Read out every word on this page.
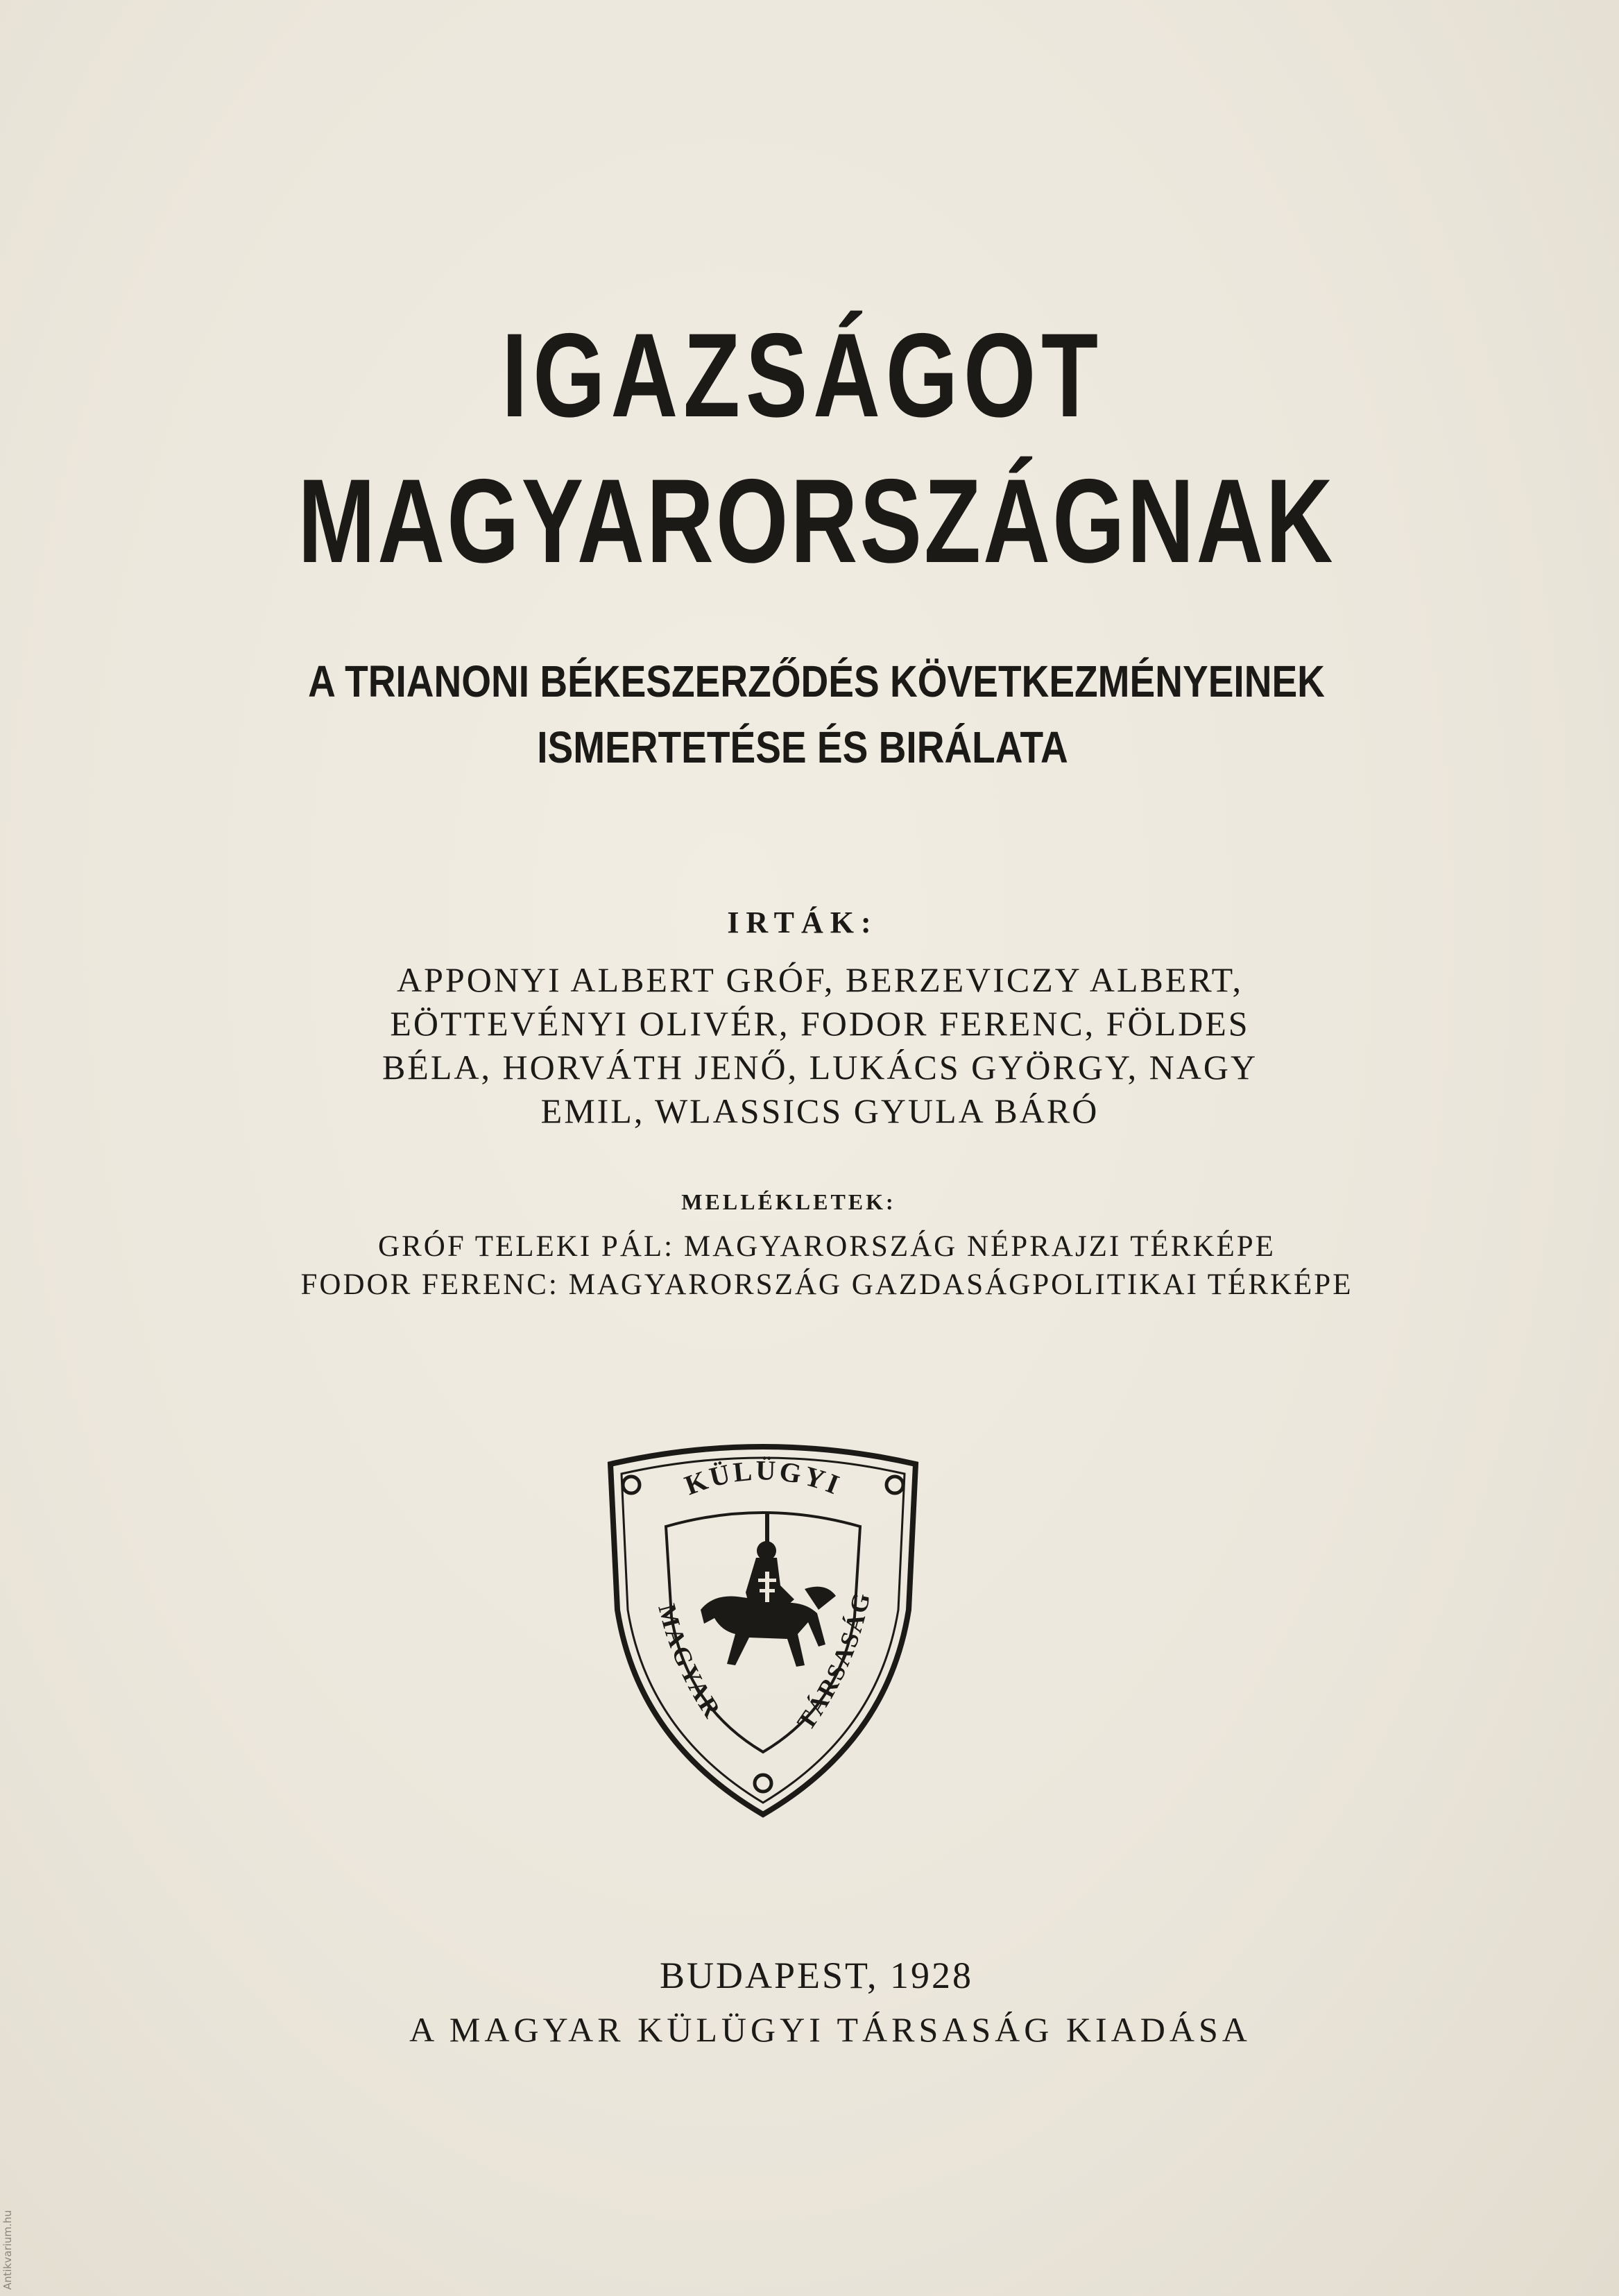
IGAZSÁGOT
MAGYARORSZÁGNAK
A TRIANONI BÉKESZERZŐDÉS KÖVETKEZMÉNYEINEK
ISMERTETÉSE ÉS BIRÁLATA

IRTÁK:

APPONYI ALBERT GRÓF, BERZEVICZY ALBERT,

EÖTTEVÉNYI OLIVÉR, FODOR FERENC, FÖLDES

BÉLA, HORVÁTH JENŐ, LUKÁCS GYÖRGY, NAGY

EMIL, WLASSICS GYULA BÁRÓ

MELLÉKLETEK:

GRÓF TELEKI PÁL: MAGYARORSZÁG NÉPRAJZI TÉRKÉPE

FODOR FERENC: MAGYARORSZÁG GAZDASÁGPOLITIKAI TÉRKÉPE

KÜLÜGYI
MAGYAR	TÁRSASÁG

BUDAPEST, 1928

A MAGYAR KÜLÜGYI TÁRSASÁG KIADÁSA

Antikvarium.hu
